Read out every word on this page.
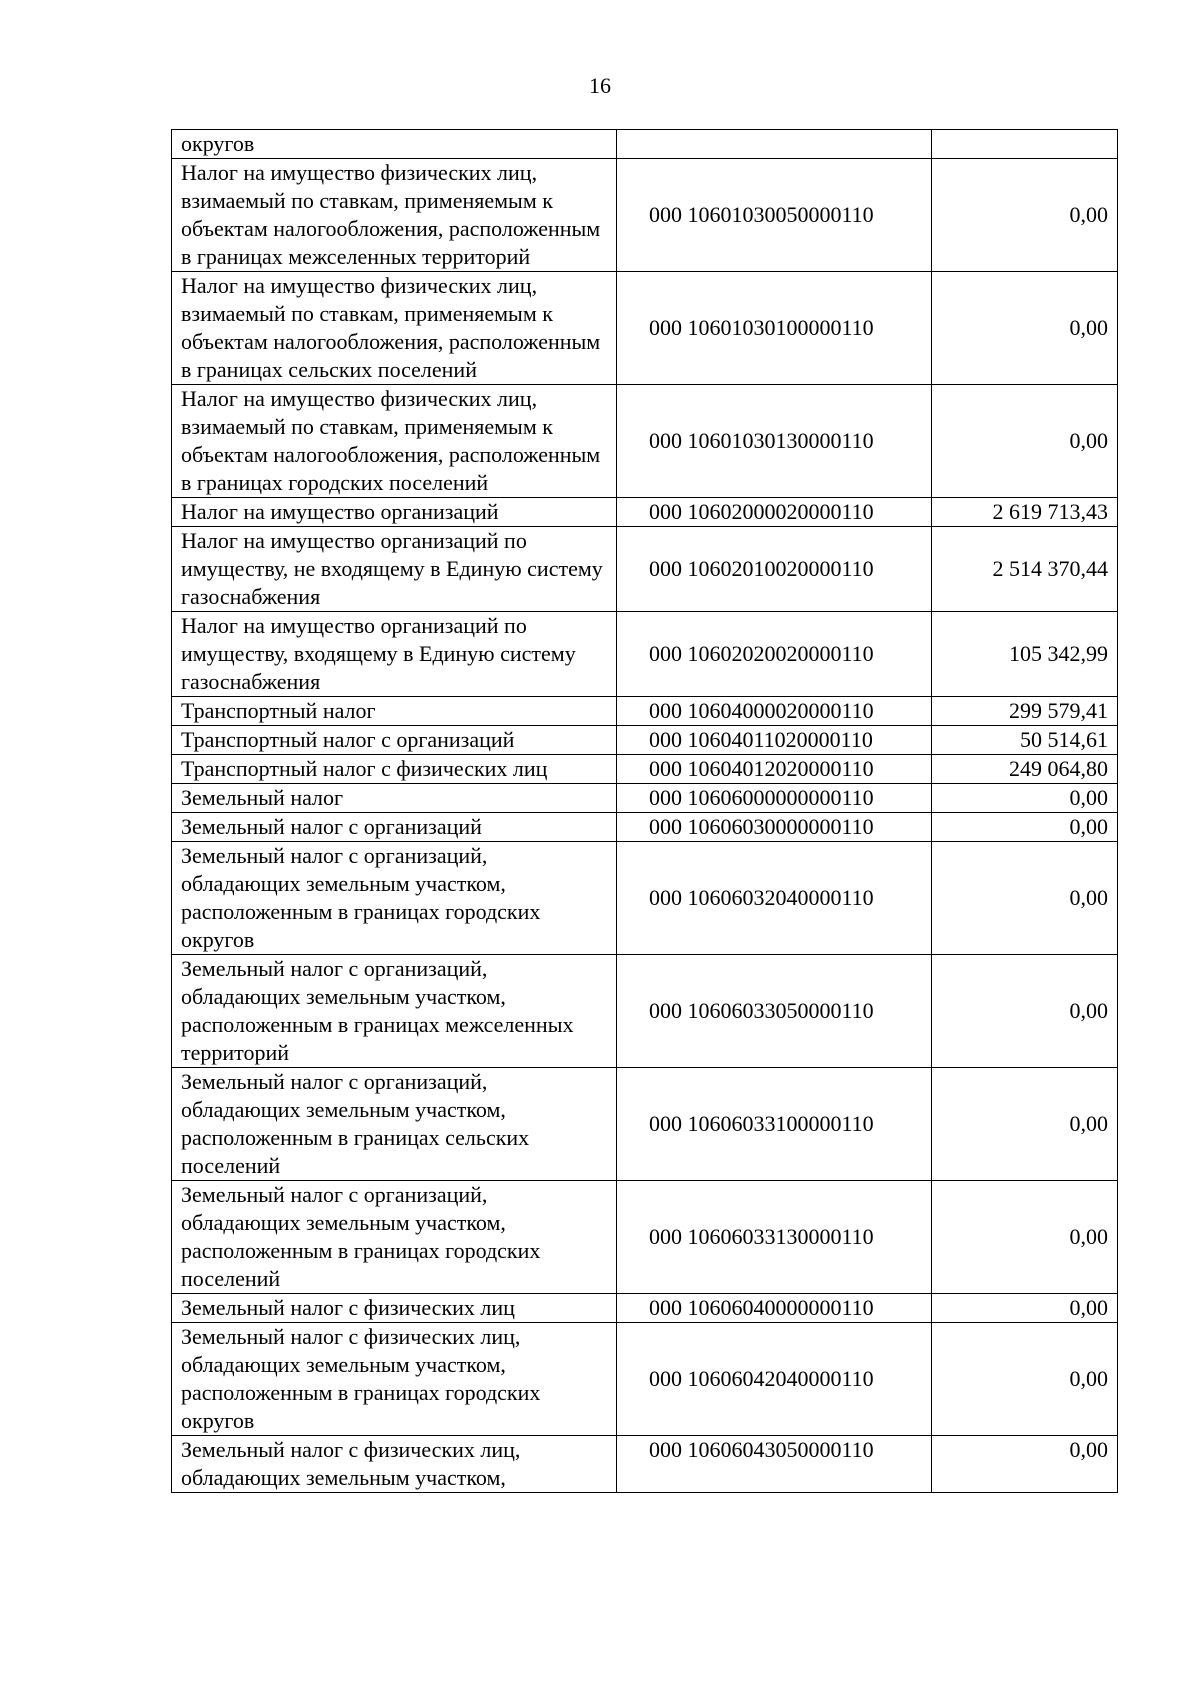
16
округов		
Налог на имущество физических лиц, взимаемый по ставкам, применяемым к объектам налогообложения, расположенным в границах межселенных территорий	000 10601030050000110	0,00
Налог на имущество физических лиц, взимаемый по ставкам, применяемым к объектам налогообложения, расположенным в границах сельских поселений	000 10601030100000110	0,00
Налог на имущество физических лиц, взимаемый по ставкам, применяемым к объектам налогообложения, расположенным в границах городских поселений	000 10601030130000110	0,00
Налог на имущество организаций	000 10602000020000110	2 619 713,43
Налог на имущество организаций по имуществу, не входящему в Единую систему газоснабжения	000 10602010020000110	2 514 370,44
Налог на имущество организаций по имуществу, входящему в Единую систему газоснабжения	000 10602020020000110	105 342,99
Транспортный налог	000 10604000020000110	299 579,41
Транспортный налог с организаций	000 10604011020000110	50 514,61
Транспортный налог с физических лиц	000 10604012020000110	249 064,80
Земельный налог	000 10606000000000110	0,00
Земельный налог с организаций	000 10606030000000110	0,00
Земельный налог с организаций, обладающих земельным участком, расположенным в границах городских округов	000 10606032040000110	0,00
Земельный налог с организаций, обладающих земельным участком, расположенным в границах межселенных территорий	000 10606033050000110	0,00
Земельный налог с организаций, обладающих земельным участком, расположенным в границах сельских поселений	000 10606033100000110	0,00
Земельный налог с организаций, обладающих земельным участком, расположенным в границах городских поселений	000 10606033130000110	0,00
Земельный налог с физических лиц	000 10606040000000110	0,00
Земельный налог с физических лиц, обладающих земельным участком, расположенным в границах городских округов	000 10606042040000110	0,00
Земельный налог с физических лиц, обладающих земельным участком,	000 10606043050000110	0,00
